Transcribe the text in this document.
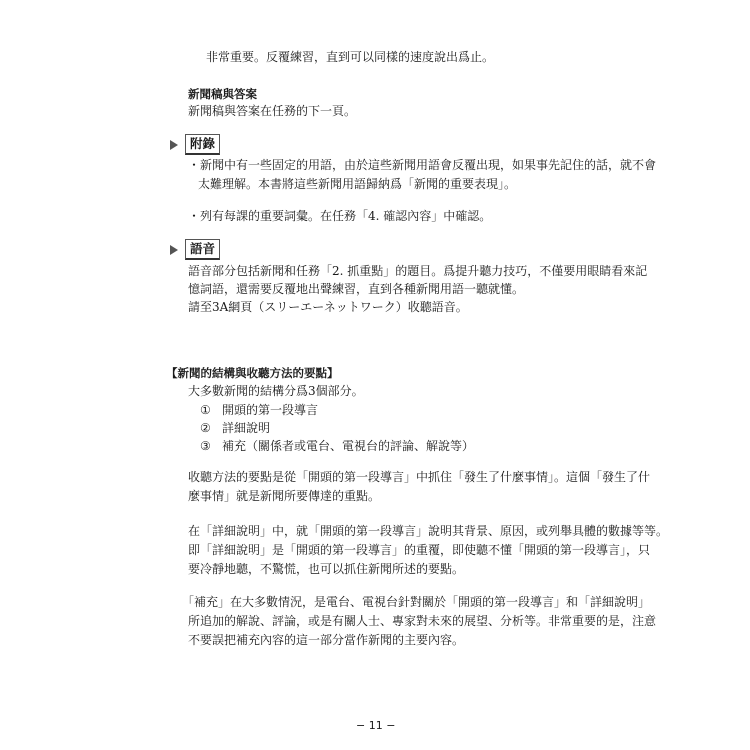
非常重要。反覆練習，直到可以同樣的速度說出爲止。
新聞稿與答案
新聞稿與答案在任務的下一頁。
附錄
・新聞中有一些固定的用語，由於這些新聞用語會反覆出現，如果事先記住的話，就不會
太難理解。本書將這些新聞用語歸納爲「新聞的重要表現」。
・列有每課的重要詞彙。在任務「4. 確認內容」中確認。
語音
語音部分包括新聞和任務「2. 抓重點」的題目。爲提升聽力技巧，不僅要用眼睛看來記
憶詞語，還需要反覆地出聲練習，直到各種新聞用語一聽就懂。
請至3A網頁（スリーエーネットワーク）收聽語音。
【新聞的結構與收聽方法的要點】
大多數新聞的結構分爲3個部分。
① 開頭的第一段導言
② 詳細說明
③ 補充（關係者或電台、電視台的評論、解說等）
收聽方法的要點是從「開頭的第一段導言」中抓住「發生了什麼事情」。這個「發生了什
麼事情」就是新聞所要傳達的重點。
在「詳細說明」中，就「開頭的第一段導言」說明其背景、原因，或列舉具體的數據等等。
即「詳細說明」是「開頭的第一段導言」的重覆，即使聽不懂「開頭的第一段導言」，只
要冷靜地聽，不驚慌，也可以抓住新聞所述的要點。
「補充」在大多數情況，是電台、電視台針對關於「開頭的第一段導言」和「詳細說明」
所追加的解說、評論，或是有關人士、專家對未來的展望、分析等。非常重要的是，注意
不要誤把補充內容的這一部分當作新聞的主要內容。
− 11 −
